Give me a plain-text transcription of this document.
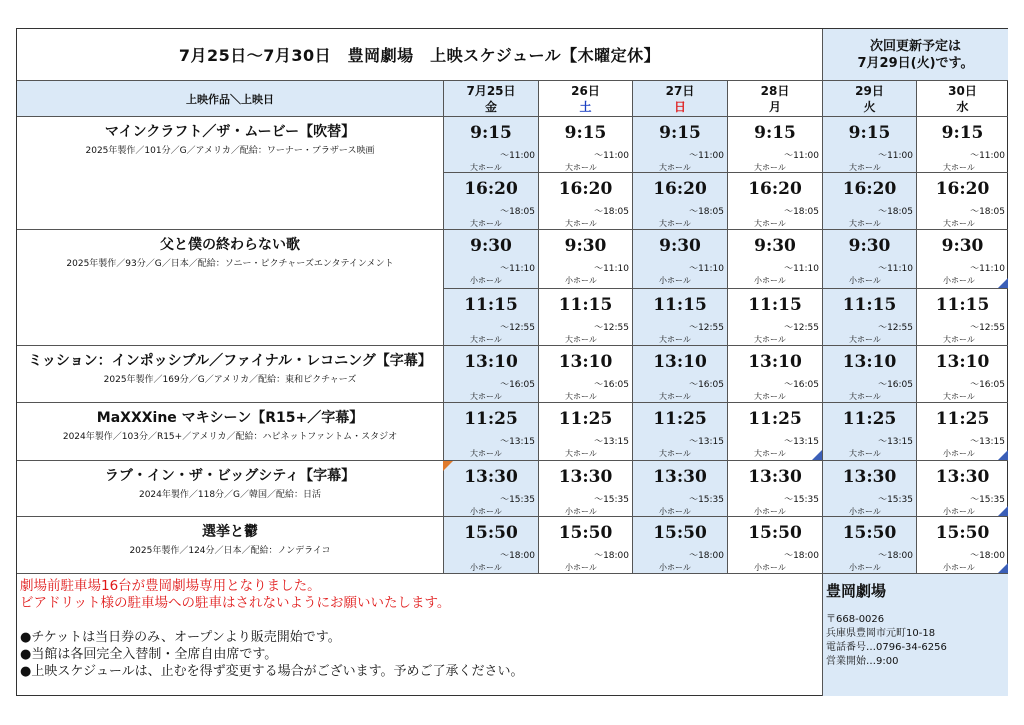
7月25日～7月30日　豊岡劇場　上映スケジュール【木曜定休】	次回更新予定は
7月29日(火)です。
上映作品＼上映日
7月25日
金
26日
土
27日
日
28日
月
29日
火
30日
水
マインクラフト／ザ・ムービー【吹替】
2025年製作／101分／G／アメリカ／配給：ワーナー・ブラザース映画
父と僕の終わらない歌
2025年製作／93分／G／日本／配給：ソニー・ピクチャーズエンタテインメント
ミッション：インポッシブル／ファイナル・レコニング【字幕】
2025年製作／169分／G／アメリカ／配給：東和ピクチャーズ
MaXXXine マキシーン【R15+／字幕】
2024年製作／103分／R15+／アメリカ／配給：ハピネットファントム・スタジオ
ラブ・イン・ザ・ビッグシティ【字幕】
2024年製作／118分／G／韓国／配給：日活
選挙と鬱
2025年製作／124分／日本／配給：ノンデライコ
9:15
～11:00
大ホール
9:15
～11:00
大ホール
9:15
～11:00
大ホール
9:15
～11:00
大ホール
9:15
～11:00
大ホール
9:15
～11:00
大ホール
16:20
～18:05
大ホール
16:20
～18:05
大ホール
16:20
～18:05
大ホール
16:20
～18:05
大ホール
16:20
～18:05
大ホール
16:20
～18:05
大ホール
9:30
～11:10
小ホール
9:30
～11:10
小ホール
9:30
～11:10
小ホール
9:30
～11:10
小ホール
9:30
～11:10
小ホール
9:30
～11:10
小ホール
11:15
～12:55
大ホール
11:15
～12:55
大ホール
11:15
～12:55
大ホール
11:15
～12:55
大ホール
11:15
～12:55
大ホール
11:15
～12:55
大ホール
13:10
～16:05
大ホール
13:10
～16:05
大ホール
13:10
～16:05
大ホール
13:10
～16:05
大ホール
13:10
～16:05
大ホール
13:10
～16:05
大ホール
11:25
～13:15
大ホール
11:25
～13:15
大ホール
11:25
～13:15
大ホール
11:25
～13:15
大ホール
11:25
～13:15
大ホール
11:25
～13:15
小ホール
13:30
～15:35
小ホール
13:30
～15:35
小ホール
13:30
～15:35
小ホール
13:30
～15:35
小ホール
13:30
～15:35
小ホール
13:30
～15:35
小ホール
15:50
～18:00
小ホール
15:50
～18:00
小ホール
15:50
～18:00
小ホール
15:50
～18:00
小ホール
15:50
～18:00
小ホール
15:50
～18:00
小ホール
劇場前駐車場16台が豊岡劇場専用となりました。
ビアドリット様の駐車場への駐車はされないようにお願いいたします。
●チケットは当日券のみ、オープンより販売開始です。
●当館は各回完全入替制・全席自由席です。
●上映スケジュールは、止むを得ず変更する場合がございます。予めご了承ください。
豊岡劇場
〒668-0026
兵庫県豊岡市元町10-18
電話番号…0796-34-6256
営業開始…9:00
